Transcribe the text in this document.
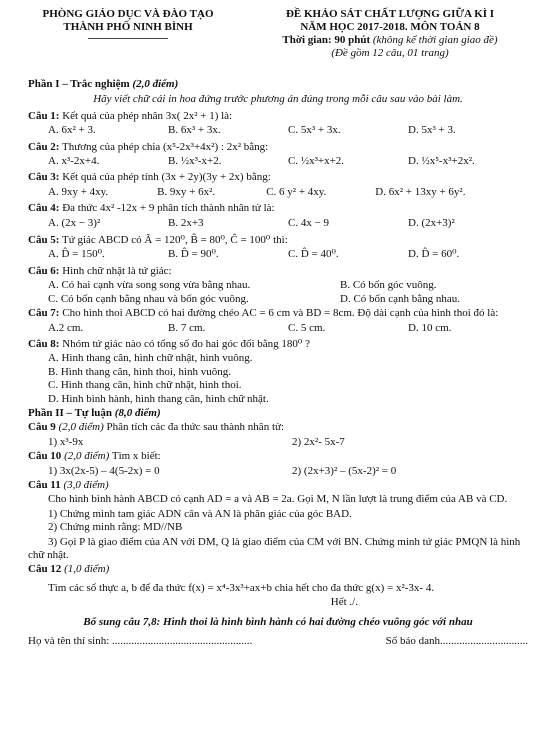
PHÒNG GIÁO DỤC VÀ ĐÀO TẠO
THÀNH PHỐ NINH BÌNH
ĐỀ KHẢO SÁT CHẤT LƯỢNG GIỮA KÌ I
NĂM HỌC 2017-2018. MÔN TOÁN 8
Thời gian: 90 phút (không kể thời gian giao đề)
(Đề gồm 12 câu, 01 trang)
Phần I – Trắc nghiệm (2,0 điểm)
Hãy viết chữ cái in hoa đứng trước phương án đúng trong mỗi câu sau vào bài làm.
Câu 1: Kết quả của phép nhân 3x( 2x² + 1) là:
A. 6x² + 3.	B. 6x³ + 3x.	C. 5x³ + 3x.	D. 5x³ + 3.
Câu 2: Thương của phép chia (x⁵-2x³+4x²) : 2x² bằng:
A. x³-2x+4.	B. ½x³-x+2.	C. ½x³+x+2.	D. ½x⁵-x³+2x².
Câu 3: Kết quả của phép tính (3x + 2y)(3y + 2x) bằng:
A. 9xy + 4xy.	B. 9xy + 6x².	C. 6 y² + 4xy.	D. 6x² + 13xy + 6y².
Câu 4: Đa thức 4x² -12x + 9 phân tích thành nhân tử là:
A. (2x − 3)²	B. 2x+3	C. 4x − 9	D. (2x+3)²
Câu 5: Tứ giác ABCD có Â = 120⁰, B̂ = 80⁰, Ĉ = 100⁰ thì:
A. D̂ = 150⁰.	B. D̂ = 90⁰.	C. D̂ = 40⁰.	D. D̂ = 60⁰.
Câu 6: Hình chữ nhật là tứ giác:
A. Có hai cạnh vừa song song vừa bằng nhau.	B. Có bốn góc vuông.
C. Có bốn cạnh bằng nhau và bốn góc vuông.	D. Có bốn cạnh bằng nhau.
Câu 7: Cho hình thoi ABCD có hai đường chéo AC = 6 cm và BD = 8cm. Độ dài cạnh của hình thoi đó là:
A.2 cm.	B. 7 cm.	C. 5 cm.	D. 10 cm.
Câu 8: Nhóm tứ giác nào có tổng số đo hai góc đối bằng 180⁰ ?
A. Hình thang cân, hình chữ nhật, hình vuông.
B. Hình thang cân, hình thoi, hình vuông.
C. Hình thang cân, hình chữ nhật, hình thoi.
D. Hình bình hành, hình thang cân, hình chữ nhật.
Phần II – Tự luận (8,0 điểm)
Câu 9 (2,0 điểm) Phân tích các đa thức sau thành nhân tử:
1) x³-9x	2) 2x²- 5x-7
Câu 10 (2,0 điểm) Tìm x biết:
1) 3x(2x-5) – 4(5-2x) = 0	2) (2x+3)² – (5x-2)² = 0
Câu 11 (3,0 điểm)
Cho hình bình hành ABCD có cạnh AD = a và AB = 2a. Gọi M, N lần lượt là trung điểm của AB và CD.
1) Chứng minh tam giác ADN cân và AN là phân giác của góc BAD.
2) Chứng minh rằng: MD//NB
3) Gọi P là giao điểm của AN với DM, Q là giao điểm của CM với BN. Chứng minh tứ giác PMQN là hình chữ nhật.
Câu 12 (1,0 điểm)
Tìm các số thực a, b để đa thức f(x) = x⁴-3x³+ax+b chia hết cho đa thức g(x) = x²-3x- 4.
Hết ./.
Bổ sung câu 7,8: Hình thoi là hình bình hành có hai đường chéo vuông góc với nhau
Họ và tên thí sinh: ...................................................	Số báo danh................................
